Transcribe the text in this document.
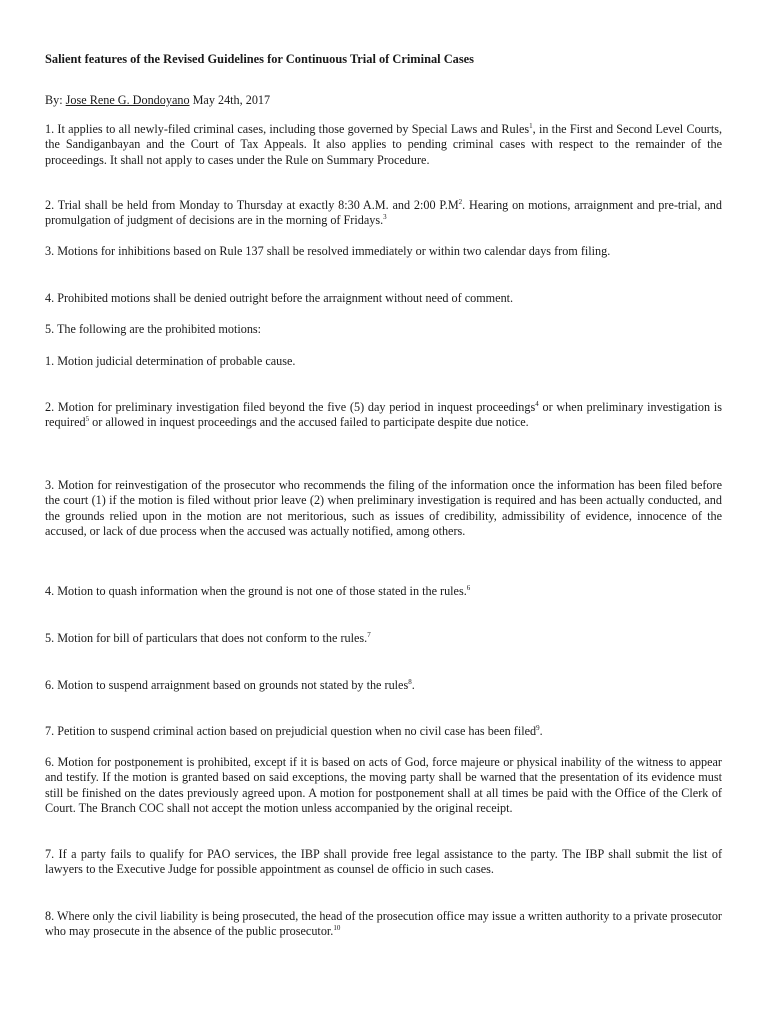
Salient features of the Revised Guidelines for Continuous Trial of Criminal Cases

By: Jose Rene G. Dondoyano May 24th, 2017

1. It applies to all newly-filed criminal cases, including those governed by Special Laws and Rules$^1$, in the First and Second Level Courts, the Sandiganbayan and the Court of Tax Appeals. It also applies to pending criminal cases with respect to the remainder of the proceedings. It shall not apply to cases under the Rule on Summary Procedure.

2. Trial shall be held from Monday to Thursday at exactly 8:30 A.M. and 2:00 $P.M^2$. Hearing on motions, arraignment and pre-trial, and promulgation of judgment of decisions are in the morning of Fridays.$^3$

3. Motions for inhibitions based on Rule 137 shall be resolved immediately or within two calendar days from filing.

4. Prohibited motions shall be denied outright before the arraignment without need of comment.

5. The following are the prohibited motions:

1. Motion judicial determination of probable cause.

2. Motion for preliminary investigation filed beyond the five (5) day period in inquest proceedings$^4$ or when preliminary investigation is required$^5$ or allowed in inquest proceedings and the accused failed to participate despite due notice.

3. Motion for reinvestigation of the prosecutor who recommends the filing of the information once the information has been filed before the court (1) if the motion is filed without prior leave (2) when preliminary investigation is required and has been actually conducted, and the grounds relied upon in the motion are not meritorious, such as issues of credibility, admissibility of evidence, innocence of the accused, or lack of due process when the accused was actually notified, among others.

4. Motion to quash information when the ground is not one of those stated in the rules.$^6$

5. Motion for bill of particulars that does not conform to the rules.$^7$

6. Motion to suspend arraignment based on grounds not stated by the rules$^8$.

7. Petition to suspend criminal action based on prejudicial question when no civil case has been filed$^9$.

6. Motion for postponement is prohibited, except if it is based on acts of God, force majeure or physical inability of the witness to appear and testify. If the motion is granted based on said exceptions, the moving party shall be warned that the presentation of its evidence must still be finished on the dates previously agreed upon. A motion for postponement shall at all times be paid with the Office of the Clerk of Court. The Branch COC shall not accept the motion unless accompanied by the original receipt.

7. If a party fails to qualify for PAO services, the IBP shall provide free legal assistance to the party. The IBP shall submit the list of lawyers to the Executive Judge for possible appointment as counsel de officio in such cases.

8. Where only the civil liability is being prosecuted, the head of the prosecution office may issue a written authority to a private prosecutor who may prosecute in the absence of the public prosecutor.$^{10}$
